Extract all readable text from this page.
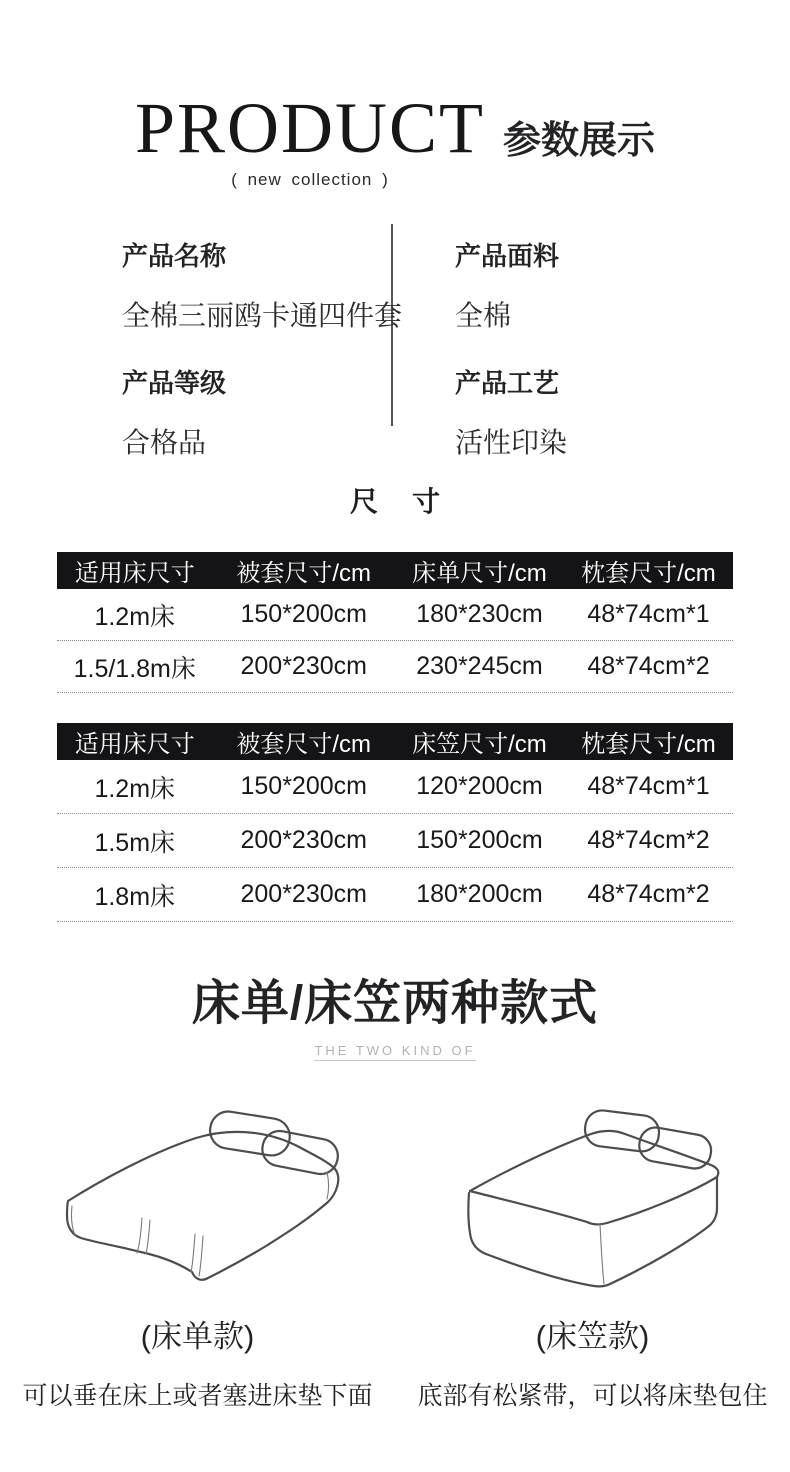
PRODUCT
( new collection )
参数展示
产品名称
全棉三丽鸥卡通四件套
产品等级
合格品
产品面料
全棉
产品工艺
活性印染
尺寸
适用床尺寸	被套尺寸/cm	床单尺寸/cm	枕套尺寸/cm
1.2m床	150*200cm	180*230cm	48*74cm*1
1.5/1.8m床	200*230cm	230*245cm	48*74cm*2
适用床尺寸	被套尺寸/cm	床笠尺寸/cm	枕套尺寸/cm
1.2m床	150*200cm	120*200cm	48*74cm*1
1.5m床	200*230cm	150*200cm	48*74cm*2
1.8m床	200*230cm	180*200cm	48*74cm*2
床单/床笠两种款式
THE TWO KIND OF
(床单款)
可以垂在床上或者塞进床垫下面
(床笠款)
底部有松紧带，可以将床垫包住
